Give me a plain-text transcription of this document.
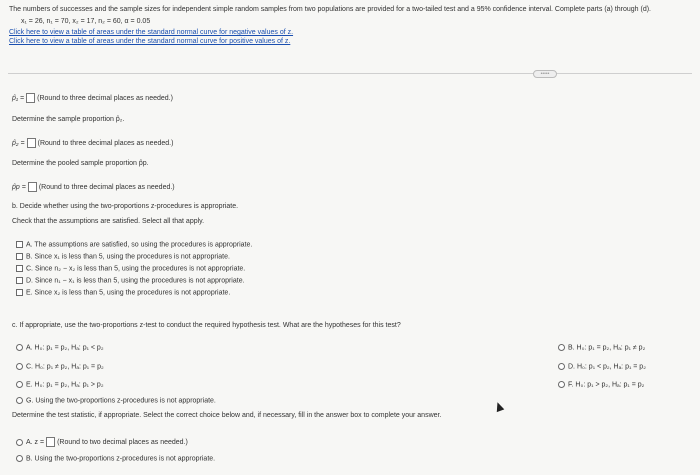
The numbers of successes and the sample sizes for independent simple random samples from two populations are provided for a two-tailed test and a 95% confidence interval. Complete parts (a) through (d).
x₁ = 26, n₁ = 70, x₂ = 17, n₂ = 60, α = 0.05
Click here to view a table of areas under the standard normal curve for negative values of z.
Click here to view a table of areas under the standard normal curve for positive values of z.
•••••
p̂₁ = (Round to three decimal places as needed.)
Determine the sample proportion p̂₂.
p̂₂ = (Round to three decimal places as needed.)
Determine the pooled sample proportion p̂p.
p̂p = (Round to three decimal places as needed.)
b. Decide whether using the two-proportions z-procedures is appropriate.
Check that the assumptions are satisfied. Select all that apply.
A. The assumptions are satisfied, so using the procedures is appropriate.
B. Since x₁ is less than 5, using the procedures is not appropriate.
C. Since n₂ − x₂ is less than 5, using the procedures is not appropriate.
D. Since n₁ − x₁ is less than 5, using the procedures is not appropriate.
E. Since x₂ is less than 5, using the procedures is not appropriate.
c. If appropriate, use the two-proportions z-test to conduct the required hypothesis test. What are the hypotheses for this test?
A. H₀: p₁ = p₂, Hₐ: p₁ < p₂
C. H₀: p₁ ≠ p₂, Hₐ: p₁ = p₂
E. H₀: p₁ = p₂, Hₐ: p₁ > p₂
G. Using the two-proportions z-procedures is not appropriate.
B. H₀: p₁ = p₂, Hₐ: p₁ ≠ p₂
D. H₀: p₁ < p₂, Hₐ: p₁ = p₂
F. H₀: p₁ > p₂, Hₐ: p₁ = p₂
Determine the test statistic, if appropriate. Select the correct choice below and, if necessary, fill in the answer box to complete your answer.
A. z = (Round to two decimal places as needed.)
B. Using the two-proportions z-procedures is not appropriate.
